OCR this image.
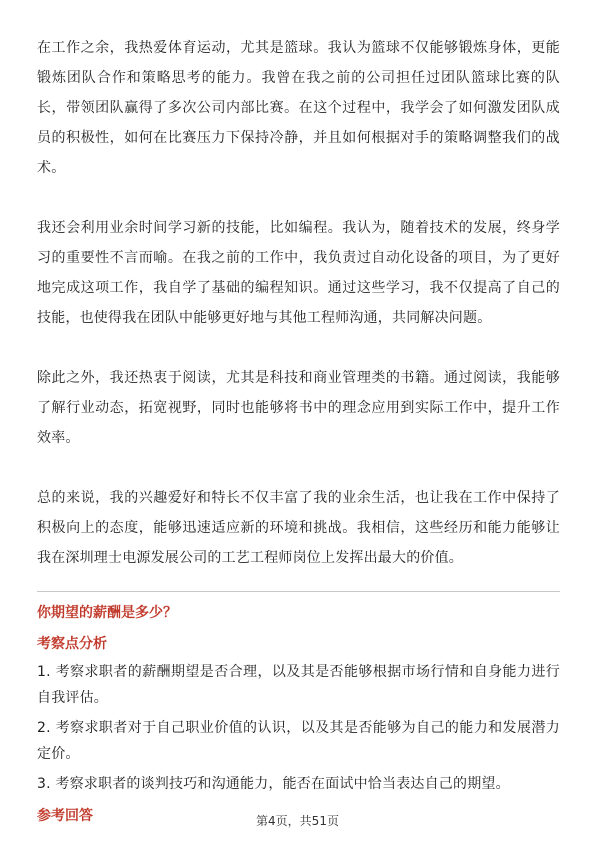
在工作之余，我热爱体育运动，尤其是篮球。我认为篮球不仅能够锻炼身体，更能锻炼团队合作和策略思考的能力。我曾在我之前的公司担任过团队篮球比赛的队长，带领团队赢得了多次公司内部比赛。在这个过程中，我学会了如何激发团队成员的积极性，如何在比赛压力下保持冷静，并且如何根据对手的策略调整我们的战术。

我还会利用业余时间学习新的技能，比如编程。我认为，随着技术的发展，终身学习的重要性不言而喻。在我之前的工作中，我负责过自动化设备的项目，为了更好地完成这项工作，我自学了基础的编程知识。通过这些学习，我不仅提高了自己的技能，也使得我在团队中能够更好地与其他工程师沟通，共同解决问题。

除此之外，我还热衷于阅读，尤其是科技和商业管理类的书籍。通过阅读，我能够了解行业动态，拓宽视野，同时也能够将书中的理念应用到实际工作中，提升工作效率。

总的来说，我的兴趣爱好和特长不仅丰富了我的业余生活，也让我在工作中保持了积极向上的态度，能够迅速适应新的环境和挑战。我相信，这些经历和能力能够让我在深圳理士电源发展公司的工艺工程师岗位上发挥出最大的价值。

你期望的薪酬是多少？
考察点分析
1. 考察求职者的薪酬期望是否合理，以及其是否能够根据市场行情和自身能力进行自我评估。
2. 考察求职者对于自己职业价值的认识，以及其是否能够为自己的能力和发展潜力定价。
3. 考察求职者的谈判技巧和沟通能力，能否在面试中恰当表达自己的期望。
参考回答	第4页，共51页
